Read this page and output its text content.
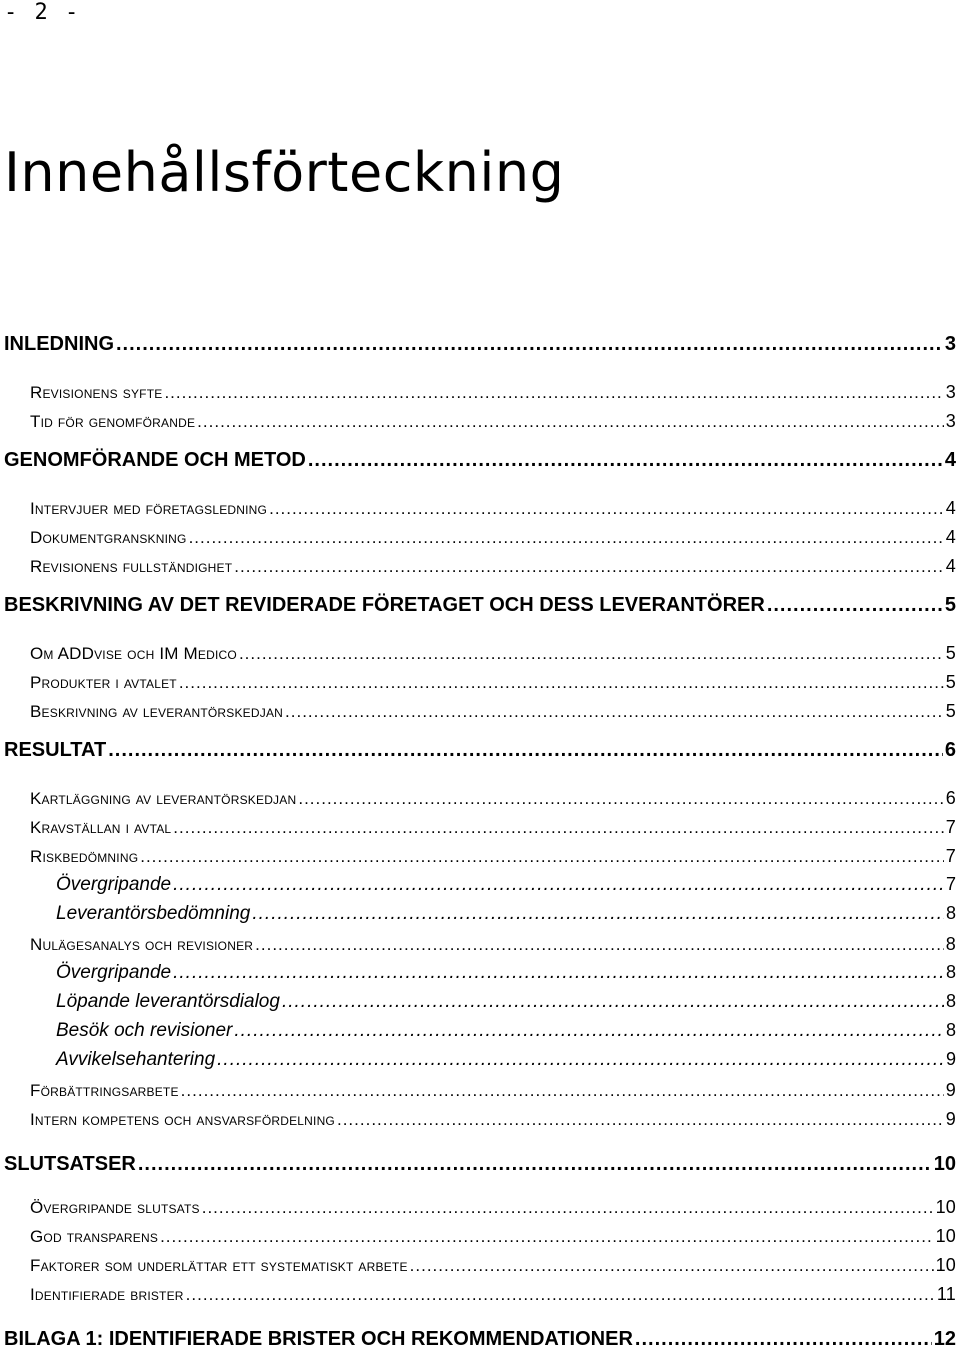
- 2 -
Innehållsförteckning
INLEDNING .....	3
Revisionens syfte .....	3
Tid för genomförande .....	3
GENOMFÖRANDE OCH METOD .....	4
Intervjuer med företagsledning .....	4
Dokumentgranskning .....	4
Revisionens fullständighet .....	4
BESKRIVNING AV DET REVIDERADE FÖRETAGET OCH DESS LEVERANTÖRER .....	5
Om ADDvise och IM Medico .....	5
Produkter i avtalet .....	5
Beskrivning av leverantörskedjan .....	5
RESULTAT .....	6
Kartläggning av leverantörskedjan .....	6
Kravställan i avtal .....	7
Riskbedömning .....	7
Övergripande .....	7
Leverantörsbedömning .....	8
Nulägesanalys och revisioner .....	8
Övergripande .....	8
Löpande leverantörsdialog .....	8
Besök och revisioner .....	8
Avvikelsehantering .....	9
Förbättringsarbete .....	9
Intern kompetens och ansvarsfördelning .....	9
SLUTSATSER .....	10
Övergripande slutsats .....	10
God transparens .....	10
Faktorer som underlättar ett systematiskt arbete .....	10
Identifierade brister .....	11
BILAGA 1: IDENTIFIERADE BRISTER OCH REKOMMENDATIONER .....	12
